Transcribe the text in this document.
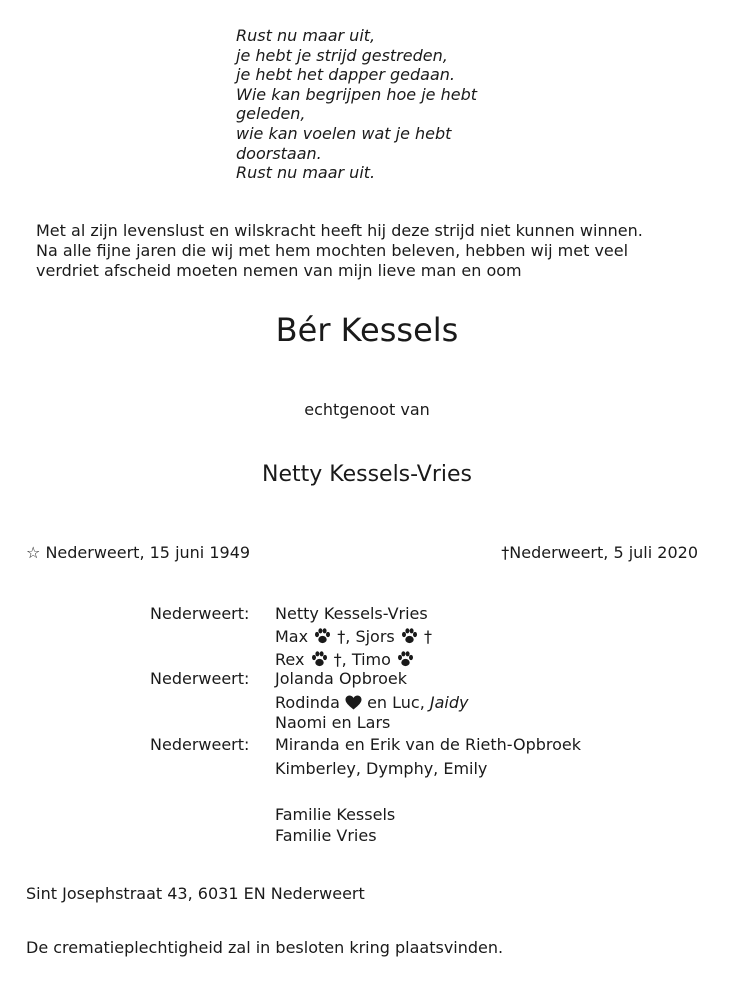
Rust nu maar uit,
je hebt je strijd gestreden,
je hebt het dapper gedaan.
Wie kan begrijpen hoe je hebt
geleden,
wie kan voelen wat je hebt
doorstaan.
Rust nu maar uit.
Met al zijn levenslust en wilskracht heeft hij deze strijd niet kunnen winnen.
Na alle fijne jaren die wij met hem mochten beleven, hebben wij met veel
verdriet afscheid moeten nemen van mijn lieve man en oom
Bér Kessels
echtgenoot van
Netty Kessels-Vries
☆ Nederweert, 15 juni 1949	†Nederweert, 5 juli 2020
Nederweert: Netty Kessels-Vries
Max †, Sjors †
Rex †, Timo
Nederweert: Jolanda Opbroek
Rodinda en Luc, Jaidy
Naomi en Lars
Nederweert: Miranda en Erik van de Rieth-Opbroek
Kimberley, Dymphy, Emily
Familie Kessels
Familie Vries
Sint Josephstraat 43, 6031 EN Nederweert
De crematieplechtigheid zal in besloten kring plaatsvinden.
